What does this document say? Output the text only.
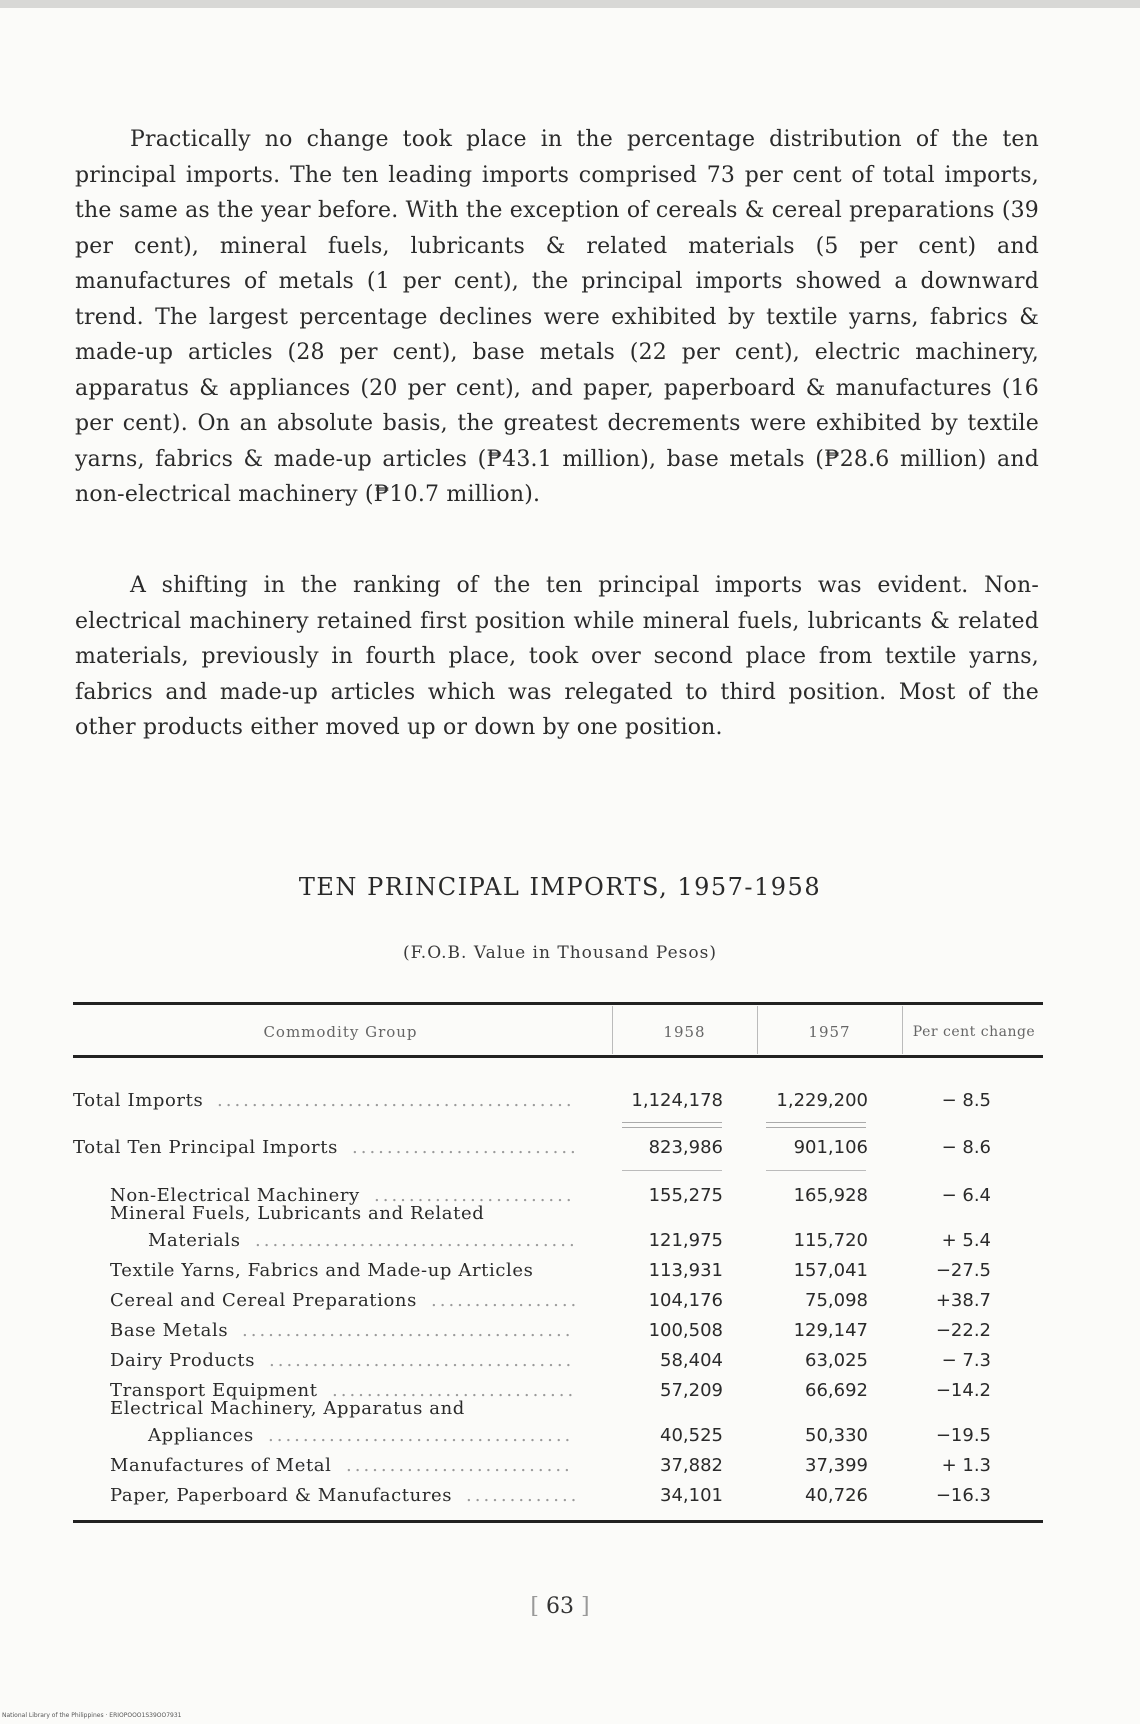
Practically no change took place in the percentage distribution of the ten principal imports. The ten leading imports comprised 73 per cent of total imports, the same as the year before. With the exception of cereals & cereal preparations (39 per cent), mineral fuels, lubricants & related materials (5 per cent) and manufactures of metals (1 per cent), the principal imports showed a downward trend. The largest percentage declines were exhibited by textile yarns, fabrics & made-up articles (28 per cent), base metals (22 per cent), electric machinery, apparatus & appliances (20 per cent), and paper, paperboard & manufactures (16 per cent). On an absolute basis, the greatest decrements were exhibited by textile yarns, fabrics & made-up articles (₱43.1 million), base metals (₱28.6 million) and non-electrical machinery (₱10.7 million).

A shifting in the ranking of the ten principal imports was evident. Non-electrical machinery retained first position while mineral fuels, lubricants & related materials, previously in fourth place, took over second place from textile yarns, fabrics and made-up articles which was relegated to third position. Most of the other products either moved up or down by one position.

TEN PRINCIPAL IMPORTS, 1957-1958
(F.O.B. Value in Thousand Pesos)
Commodity Group	1958	1957	Per cent change
Total Imports	1,124,178	1,229,200	− 8.5
.........................................
Total Ten Principal Imports	823,986	901,106	− 8.6
..........................
Non-Electrical Machinery	155,275	165,928	− 6.4
.......................
Mineral Fuels, Lubricants and Related
Materials	121,975	115,720	+ 5.4
.....................................
Textile Yarns, Fabrics and Made-up Articles	113,931	157,041	−27.5
Cereal and Cereal Preparations	104,176	75,098	+38.7
.................
Base Metals	100,508	129,147	−22.2
......................................
Dairy Products	58,404	63,025	− 7.3
...................................
Transport Equipment	57,209	66,692	−14.2
............................
Electrical Machinery, Apparatus and
Appliances	40,525	50,330	−19.5
...................................
Manufactures of Metal	37,882	37,399	+ 1.3
..........................
Paper, Paperboard & Manufactures	34,101	40,726	−16.3
.............
[ 63 ]
National Library of the Philippines · ERIOPOOO1S39OO7931
